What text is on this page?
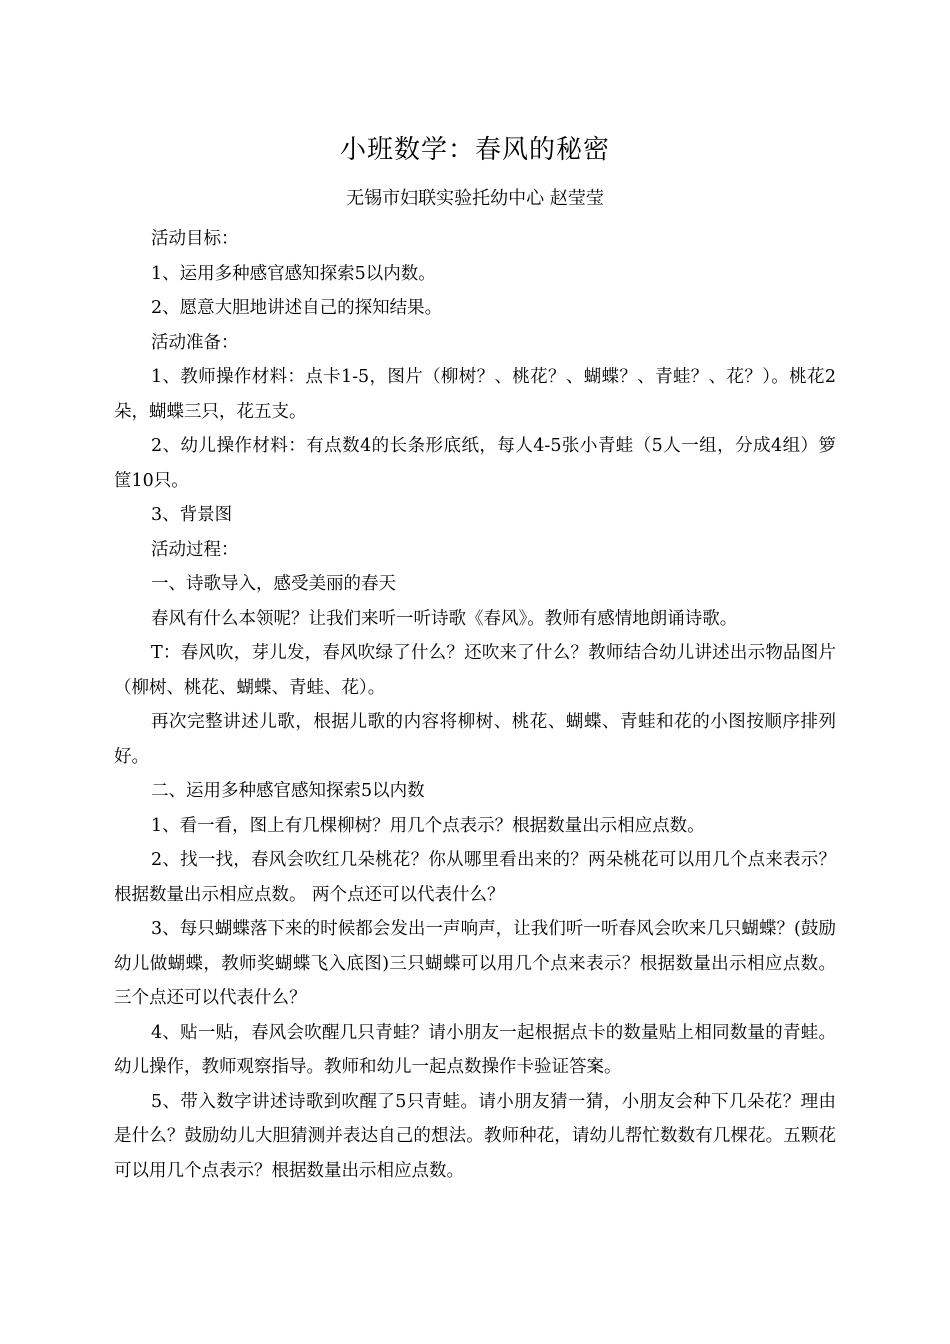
小班数学：春风的秘密
无锡市妇联实验托幼中心 赵莹莹

活动目标：

1、运用多种感官感知探索5以内数。

2、愿意大胆地讲述自己的探知结果。

活动准备：

1、教师操作材料：点卡1-5，图片（柳树？、桃花？、蝴蝶？、青蛙？、花？）。桃花2朵，蝴蝶三只，花五支。

2、幼儿操作材料：有点数4的长条形底纸，每人4-5张小青蛙（5人一组，分成4组）箩筐10只。

3、背景图

活动过程：

一、诗歌导入，感受美丽的春天

春风有什么本领呢？让我们来听一听诗歌《春风》。教师有感情地朗诵诗歌。

T：春风吹，芽儿发，春风吹绿了什么？还吹来了什么？教师结合幼儿讲述出示物品图片（柳树、桃花、蝴蝶、青蛙、花）。

再次完整讲述儿歌，根据儿歌的内容将柳树、桃花、蝴蝶、青蛙和花的小图按顺序排列好。

二、运用多种感官感知探索5以内数

1、看一看，图上有几棵柳树？用几个点表示？根据数量出示相应点数。

2、找一找，春风会吹红几朵桃花？你从哪里看出来的？两朵桃花可以用几个点来表示？根据数量出示相应点数。 两个点还可以代表什么？

3、每只蝴蝶落下来的时候都会发出一声响声，让我们听一听春风会吹来几只蝴蝶？(鼓励幼儿做蝴蝶，教师奖蝴蝶飞入底图)三只蝴蝶可以用几个点来表示？根据数量出示相应点数。三个点还可以代表什么？

4、贴一贴，春风会吹醒几只青蛙？请小朋友一起根据点卡的数量贴上相同数量的青蛙。幼儿操作，教师观察指导。教师和幼儿一起点数操作卡验证答案。

5、带入数字讲述诗歌到吹醒了5只青蛙。请小朋友猜一猜，小朋友会种下几朵花？理由是什么？鼓励幼儿大胆猜测并表达自己的想法。教师种花，请幼儿帮忙数数有几棵花。五颗花可以用几个点表示？根据数量出示相应点数。
